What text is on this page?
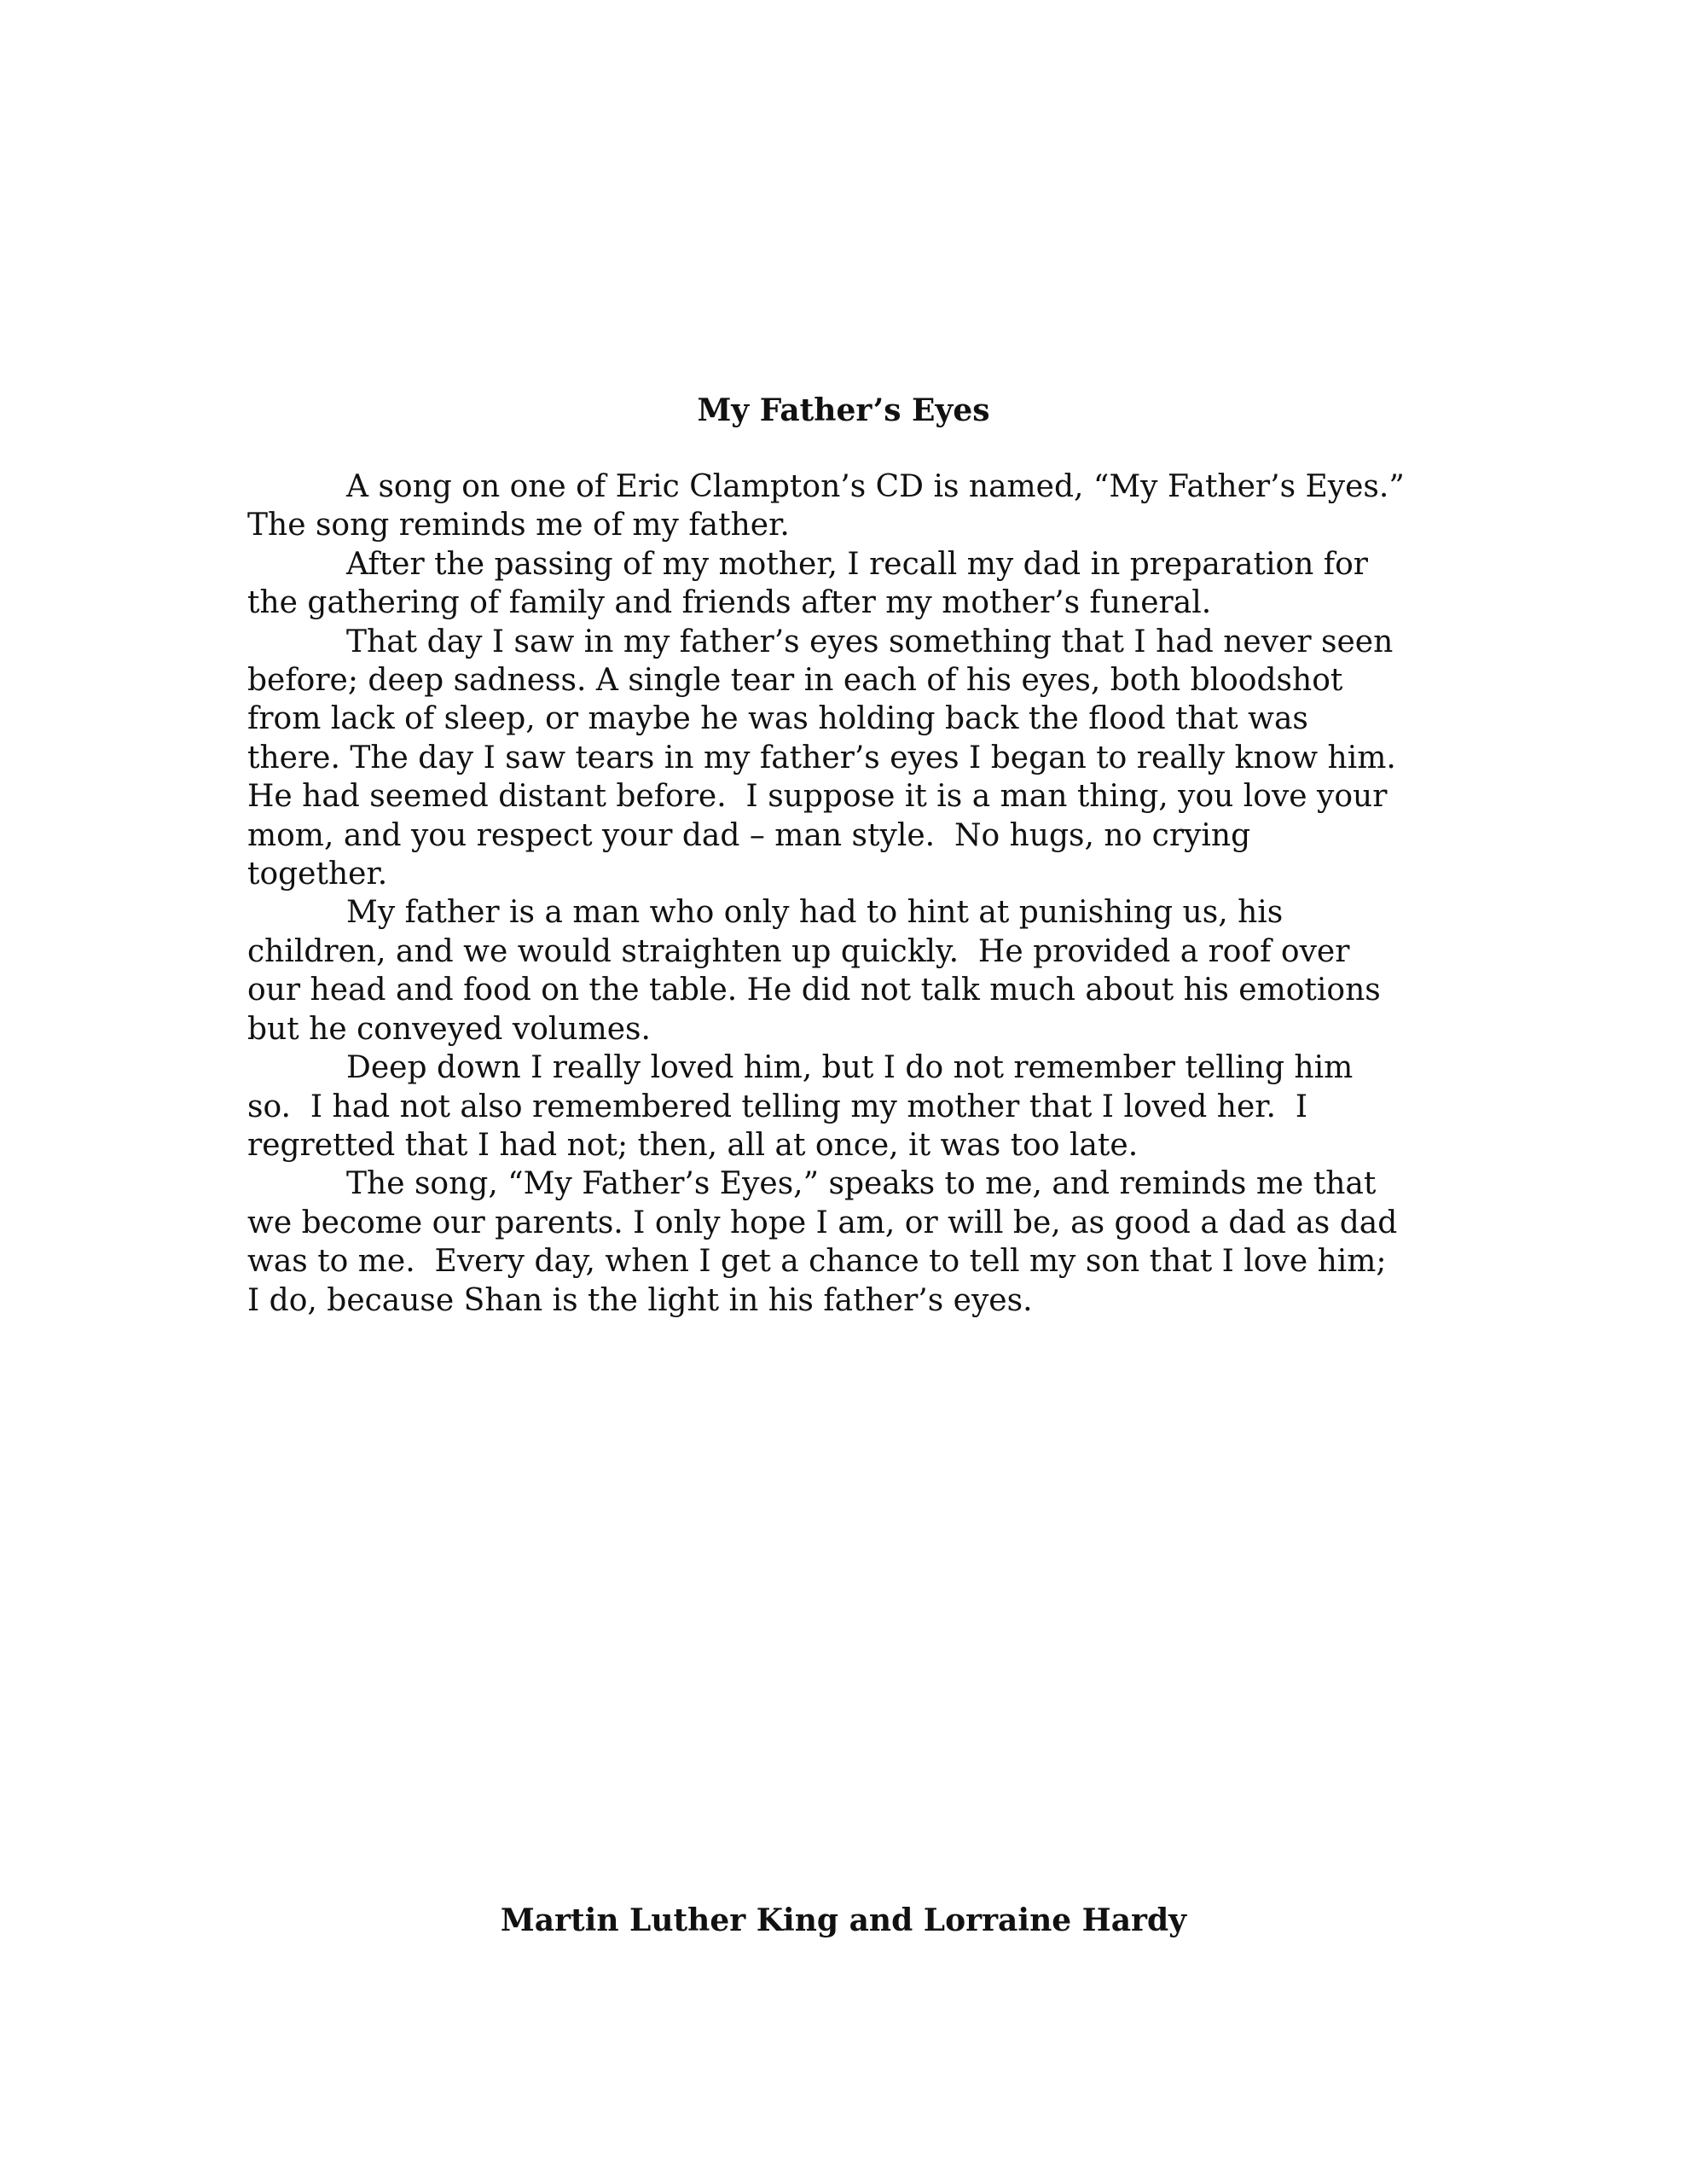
My Father’s Eyes

A song on one of Eric Clampton’s CD is named, “My Father’s Eyes.”
The song reminds me of my father.

After the passing of my mother, I recall my dad in preparation for
the gathering of family and friends after my mother’s funeral.

That day I saw in my father’s eyes something that I had never seen
before; deep sadness. A single tear in each of his eyes, both bloodshot
from lack of sleep, or maybe he was holding back the flood that was
there. The day I saw tears in my father’s eyes I began to really know him.
He had seemed distant before.  I suppose it is a man thing, you love your
mom, and you respect your dad – man style.  No hugs, no crying
together.

My father is a man who only had to hint at punishing us, his
children, and we would straighten up quickly.  He provided a roof over
our head and food on the table. He did not talk much about his emotions
but he conveyed volumes.

Deep down I really loved him, but I do not remember telling him
so.  I had not also remembered telling my mother that I loved her.  I
regretted that I had not; then, all at once, it was too late.

The song, “My Father’s Eyes,” speaks to me, and reminds me that
we become our parents. I only hope I am, or will be, as good a dad as dad
was to me.  Every day, when I get a chance to tell my son that I love him;
I do, because Shan is the light in his father’s eyes.

Martin Luther King and Lorraine Hardy
